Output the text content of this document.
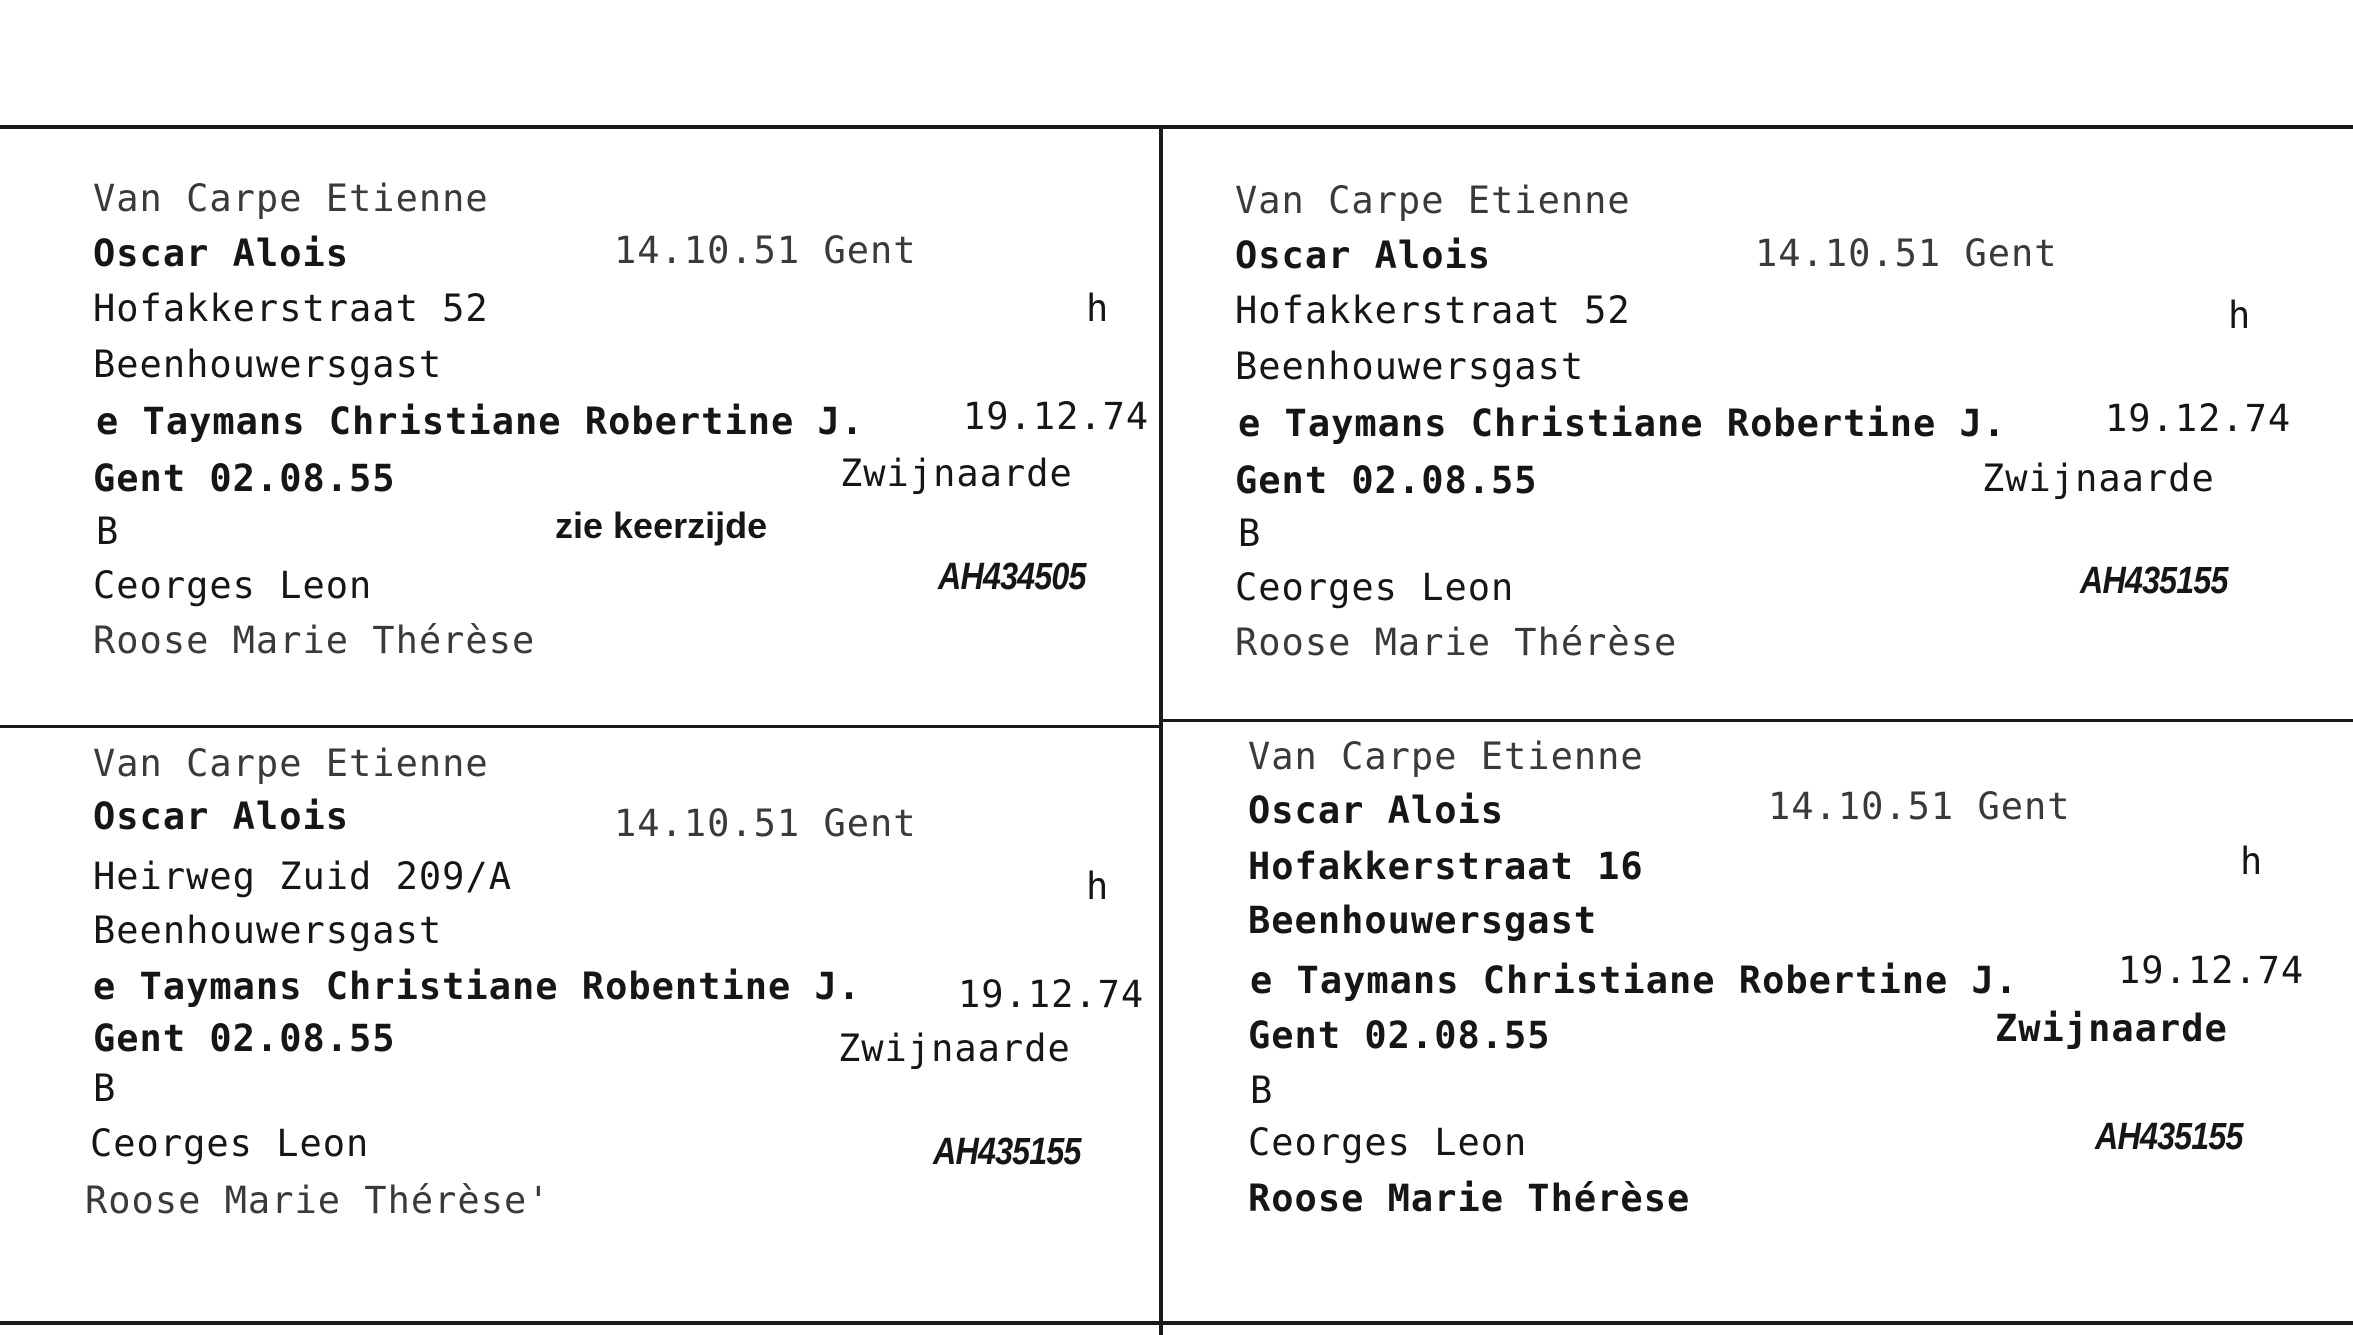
Van Carpe Etienne
Oscar Alois	14.10.51 Gent
Hofakkerstraat 52	h
Beenhouwersgast
e Taymans Christiane Robertine J.	19.12.74
Gent 02.08.55	Zwijnaarde
B	zie keerzijde
Ceorges Leon	AH434505
Roose Marie Thérèse
Van Carpe Etienne
Oscar Alois	14.10.51 Gent
Hofakkerstraat 52	h
Beenhouwersgast
e Taymans Christiane Robertine J.	19.12.74
Gent 02.08.55	Zwijnaarde
B
Ceorges Leon	AH435155
Roose Marie Thérèse
Van Carpe Etienne
Oscar Alois	14.10.51 Gent
Heirweg Zuid 209/A	h
Beenhouwersgast
e Taymans Christiane Robentine J.	19.12.74
Gent 02.08.55	Zwijnaarde
B
Ceorges Leon	AH435155
Roose Marie Thérèse'
Van Carpe Etienne
Oscar Alois	14.10.51 Gent
Hofakkerstraat 16	h
Beenhouwersgast
e Taymans Christiane Robertine J.	19.12.74
Gent 02.08.55	Zwijnaarde
B
Ceorges Leon	AH435155
Roose Marie Thérèse
